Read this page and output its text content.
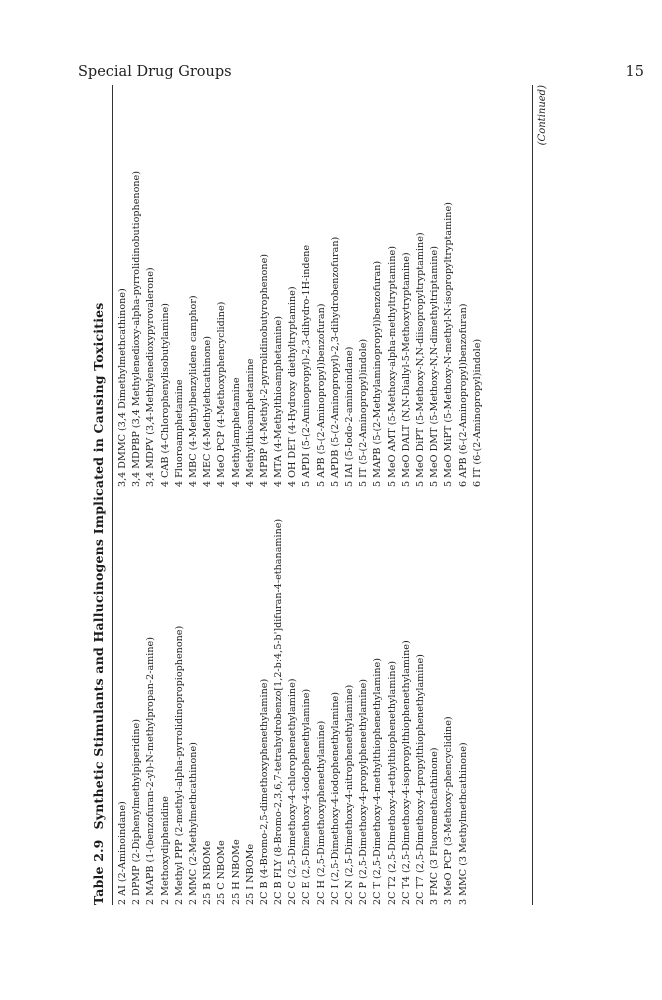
Special Drug Groups	15
Table 2.9Synthetic Stimulants and Hallucinogens Implicated in Causing Toxicities
2 AI (2-Aminoindane) 2 DPMP (2-Diphenylmethylpiperidine) 2 MAPB (1-(benzofuran-2-yl)-N-methylpropan-2-amine) 2 Methoxydiphenidine 2 Methyl PPP (2-methyl-alpha-pyrrolidinopropiophenone) 2 MMC (2-Methylmethcathinone) 25 B NBOMe 25 C NBOMe 25 H NBOMe 25 I NBOMe 2C B (4-Bromo-2,5-dimethoxyphenethylamine) 2C B FLY (8-Bromo-2,3,6,7-tetrahydrobenzo[1,2-b:4,5-b']difuran-4-ethanamine) 2C C (2,5-Dimethoxy-4-chlorophenethylamine) 2C E (2,5-Dimethoxy-4-iodophenethylamine) 2C H (2,5-Dimethoxyphenethylamine) 2C I (2,5-Dimethoxy-4-iodophenethylamine) 2C N (2,5-Dimethoxy-4-nitrophenethylamine) 2C P (2,5-Dimethoxy-4-propylphenethylamine) 2C T (2,5-Dimethoxy-4-methylthiophenethylamine) 2C T2 (2,5-Dimethoxy-4-ethylthiophenethylamine) 2C T4 (2,5-Dimethoxy-4-isopropylthiophenethylamine) 2C T7 (2,5-Dimethoxy-4-propylthiophenethylamine) 3 FMC (3 Fluoromethcathinone) 3 MeO PCP (3-Methoxy-phencyclidine) 3 MMC (3 Methylmethcathinone)
3,4 DMMC (3,4 Dimethylmethcathinone) 3,4 MDPBP (3,4 Methylenedioxy-alpha-pyrrolidinobutiophenone) 3,4 MDPV (3,4-Methylenedioxypyrovalerone) 4 CAB (4-Chlorophenylisobutylamine) 4 Fluoroamphetamine 4 MBC (4-Methylbenzylidene camphor) 4 MEC (4-Methylethcathinone) 4 MeO PCP (4-Methoxyphencyclidine) 4 Methylamphetamine 4 Methylthioamphetamine 4 MPBP (4-Methyl-2-pyrrolidinobutyrophenone) 4 MTA (4-Methylthioamphetamine) 4 OH DET (4-Hydroxy diethyltryptamine) 5 APDI (5-(2-Aminopropyl)-2,3-dihydro-1H-indene 5 APB (5-(2-Aminopropyl)benzofuran) 5 APDB (5-(2-Aminopropyl)-2,3-dihydrobenzofuran) 5 IAI (5-Iodo-2-aminoindane) 5 IT (5-(2-Aminopropyl)indole) 5 MAPB (5-(2-Methylaminopropyl)benzofuran) 5 MeO AMT (5-Methoxy-alpha-methyltryptamine) 5 MeO DALT (N,N-Diallyl-5-Methoxytryptamine) 5 MeO DiPT (5-Methoxy-N,N-diisopropyltryptamine) 5 MeO DMT (5-Methoxy-N,N-dimethyltriptamine) 5 MeO MiPT (5-Methoxy-N-methyl-N-isopropyltryptamine) 6 APB (6-(2-Aminopropyl)benzofuran) 6 IT (6-(2-Aminopropyl)indole)
(Continued)
